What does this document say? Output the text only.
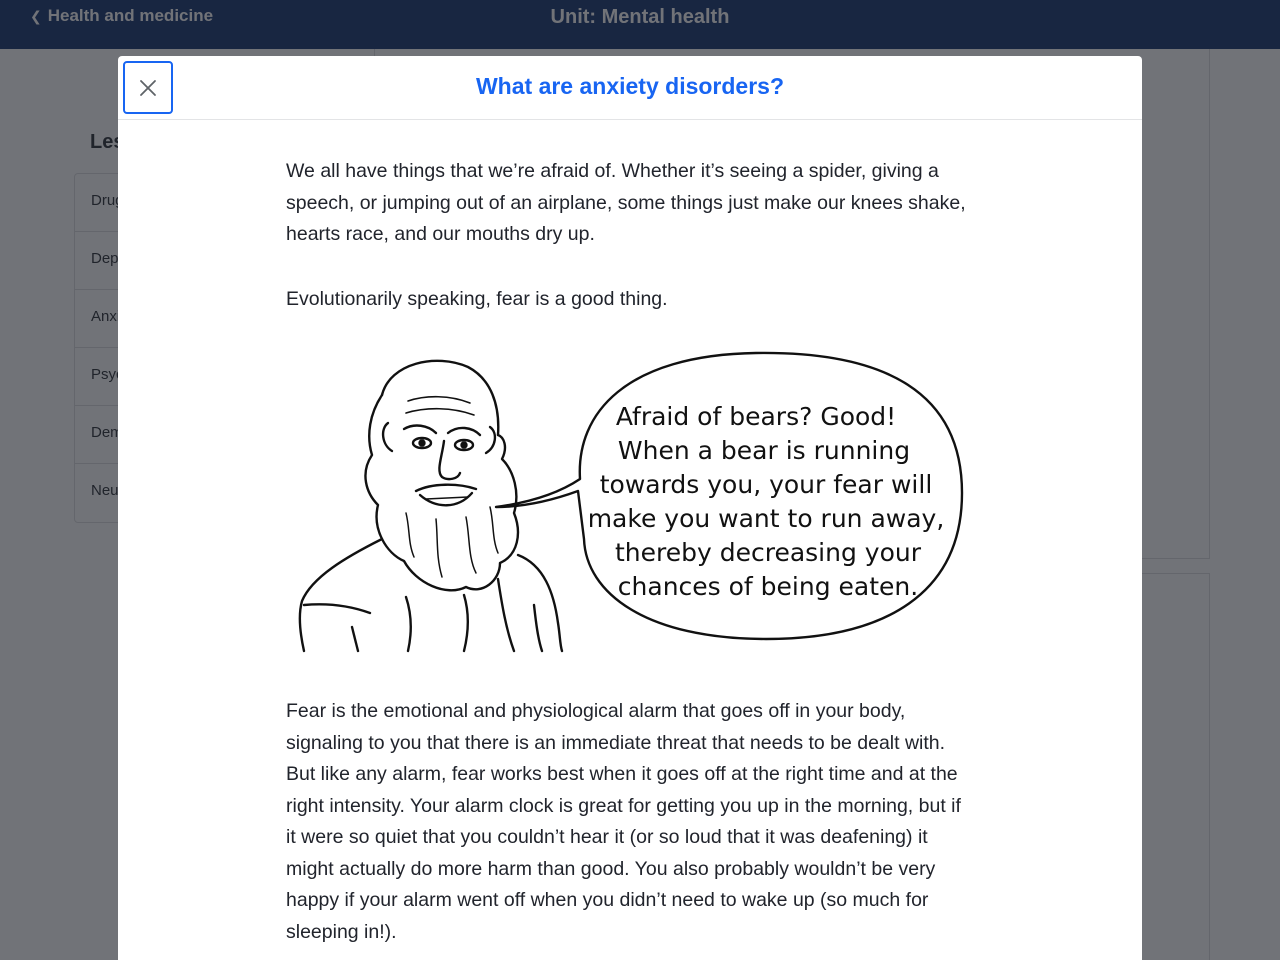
What are anxiety disorders?

We all have things that we’re afraid of. Whether it’s seeing a spider, giving a speech, or jumping out of an airplane, some things just make our knees shake, hearts race, and our mouths dry up.

Evolutionarily speaking, fear is a good thing.

Afraid of bears? Good!
When a bear is running
towards you, your fear will
make you want to run away,
thereby decreasing your
chances of being eaten.

Fear is the emotional and physiological alarm that goes off in your body, signaling to you that there is an immediate threat that needs to be dealt with. But like any alarm, fear works best when it goes off at the right time and at the right intensity. Your alarm clock is great for getting you up in the morning, but if it were so quiet that you couldn’t hear it (or so loud that it was deafening) it might actually do more harm than good. You also probably wouldn’t be very happy if your alarm went off when you didn’t need to wake up (so much for sleeping in!).
